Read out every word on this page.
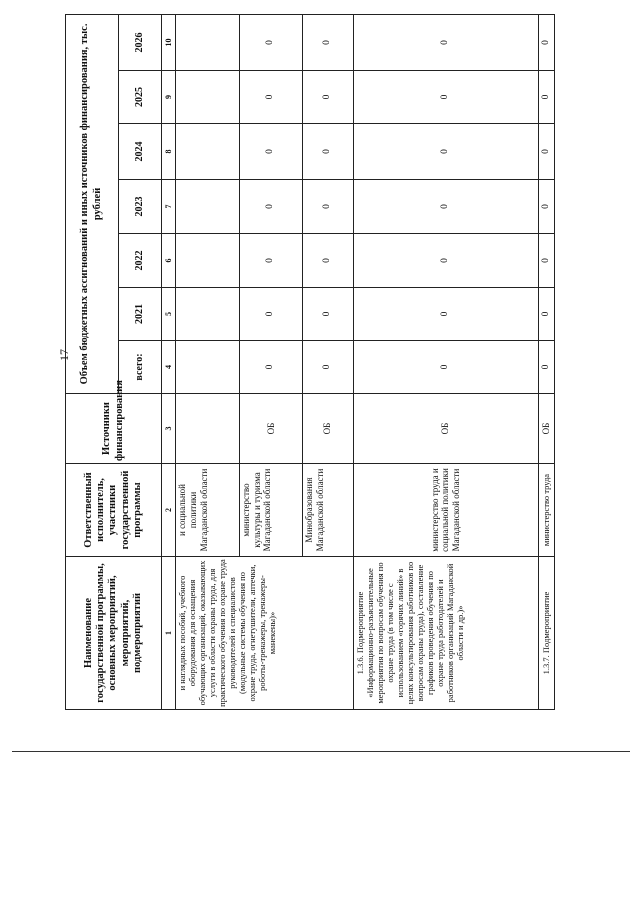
17
Наименование государственной программы, основных мероприятий, мероприятий, подмероприятий	Ответственный исполнитель, участники государственной программы	Источники финансирования	Объем бюджетных ассигнований и иных источников финансирования, тыс. рублей						
			всего:	2021	2022	2023	2024	2025	2026
1	2	3	4	5	6	7	8	9	10
и наглядных пособий, учебного оборудования для оснащения обучающих организаций, оказывающих услуги в области охраны труда, для практического обучения по охране труда руководителей и специалистов (модульные системы обучения по охране труда, огнетушители, аптечки, роботы-тренажеры, тренажеры-манекены)»	и социальной политики Магаданской области								
	министерство культуры и туризма Магаданской области	ОБ	0	0	0	0	0	0	0
	Минобразования Магаданской области	ОБ	0	0	0	0	0	0	0
1.3.6. Подмероприятие «Информационно-разъяснительные мероприятия по вопросам обучения по охране труда (в том числе с использованием «горячих линий» в целях консультирования работников по вопросам охраны труда), составление графиков проведения обучения по охране труда работодателей и работников организаций Магаданской области и др.)»	министерство труда и социальной политики Магаданской области	ОБ	0	0	0	0	0	0	0
1.3.7. Подмероприятие	министерство труда	ОБ	0	0	0	0	0	0	0
